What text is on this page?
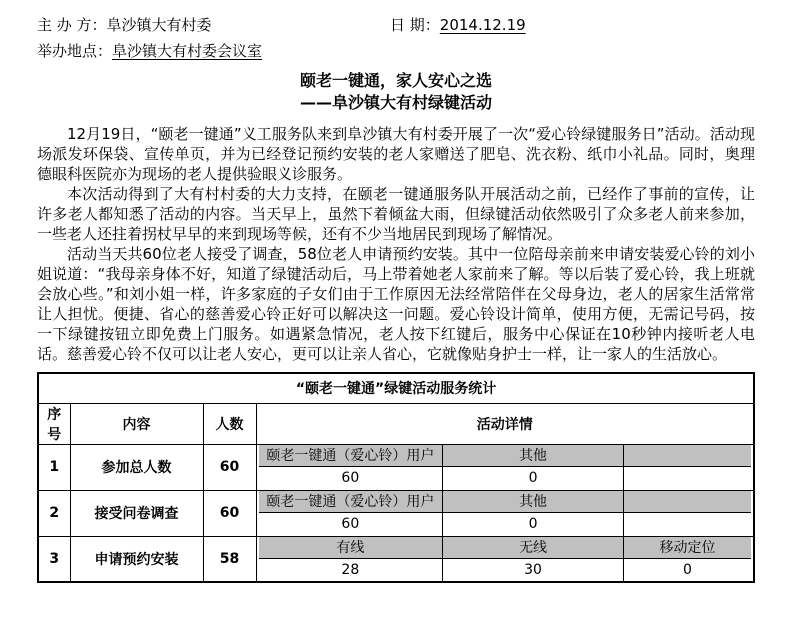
主 办 方：阜沙镇大有村委	日 期：2014.12.19
举办地点：阜沙镇大有村委会议室
颐老一键通，家人安心之选
——阜沙镇大有村绿键活动

12月19日，“颐老一键通”义工服务队来到阜沙镇大有村委开展了一次“爱心铃绿键服务日”活动。活动现场派发环保袋、宣传单页，并为已经登记预约安装的老人家赠送了肥皂、洗衣粉、纸巾小礼品。同时，奥理德眼科医院亦为现场的老人提供验眼义诊服务。

本次活动得到了大有村村委的大力支持，在颐老一键通服务队开展活动之前，已经作了事前的宣传，让许多老人都知悉了活动的内容。当天早上，虽然下着倾盆大雨，但绿键活动依然吸引了众多老人前来参加，一些老人还拄着拐杖早早的来到现场等候，还有不少当地居民到现场了解情况。

活动当天共60位老人接受了调查，58位老人申请预约安装。其中一位陪母亲前来申请安装爱心铃的刘小姐说道：“我母亲身体不好，知道了绿键活动后，马上带着她老人家前来了解。等以后装了爱心铃，我上班就会放心些。”和刘小姐一样，许多家庭的子女们由于工作原因无法经常陪伴在父母身边，老人的居家生活常常让人担忧。便捷、省心的慈善爱心铃正好可以解决这一问题。爱心铃设计简单，使用方便，无需记号码，按一下绿键按钮立即免费上门服务。如遇紧急情况，老人按下红键后，服务中心保证在10秒钟内接听老人电话。慈善爱心铃不仅可以让老人安心，更可以让亲人省心，它就像贴身护士一样，让一家人的生活放心。

“颐老一键通”绿键活动服务统计			
序号	内容	人数	活动详情
1	参加总人数	60	颐老一键通（爱心铃）用户 其他
60 0

2	接受问卷调查	60	颐老一键通（爱心铃）用户 其他
60 0

3	申请预约安装	58	
有线	无线	移动定位
28	30	0
